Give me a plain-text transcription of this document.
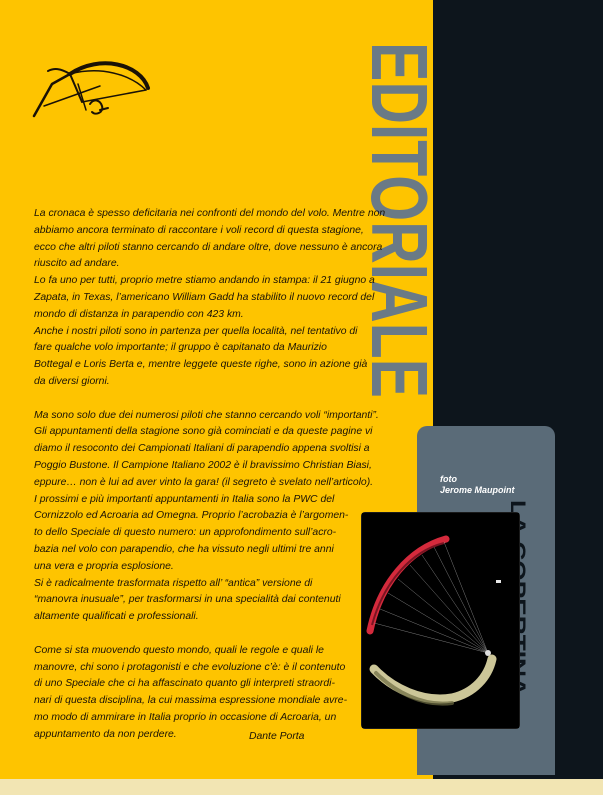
EDITORIALE
foto
Jerome Maupoint

La cronaca è spesso deficitaria nei confronti del mondo del volo. Mentre non
abbiamo ancora terminato di raccontare i voli record di questa stagione,
ecco che altri piloti stanno cercando di andare oltre, dove nessuno è ancora
riuscito ad andare.
Lo fa uno per tutti, proprio metre stiamo andando in stampa: il 21 giugno a
Zapata, in Texas, l’americano William Gadd ha stabilito il nuovo record del
mondo di distanza in parapendio con 423 km.
Anche i nostri piloti sono in partenza per quella località, nel tentativo di
fare qualche volo importante; il gruppo è capitanato da Maurizio
Bottegal e Loris Berta e, mentre leggete queste righe, sono in azione già
da diversi giorni.

Ma sono solo due dei numerosi piloti che stanno cercando voli “importanti”.
Gli appuntamenti della stagione sono già cominciati e da queste pagine vi
diamo il resoconto dei Campionati Italiani di parapendio appena svoltisi a
Poggio Bustone. Il Campione Italiano 2002 è il bravissimo Christian Biasi,
eppure… non è lui ad aver vinto la gara! (il segreto è svelato nell’articolo).
I prossimi e più importanti appuntamenti in Italia sono la PWC del
Cornizzolo ed Acroaria ad Omegna. Proprio l’acrobazia è l’argomen-
to dello Speciale di questo numero: un approfondimento sull’acro-
bazia nel volo con parapendio, che ha vissuto negli ultimi tre anni
una vera e propria esplosione.
Si è radicalmente trasformata rispetto all’ “antica” versione di
“manovra inusuale”, per trasformarsi in una specialità dai contenuti
altamente qualificati e professionali.

Come si sta muovendo questo mondo, quali le regole e quali le
manovre, chi sono i protagonisti e che evoluzione c’è: è il contenuto
di uno Speciale che ci ha affascinato quanto gli interpreti straordi-
nari di questa disciplina, la cui massima espressione mondiale avre-
mo modo di ammirare in Italia proprio in occasione di Acroaria, un
appuntamento da non perdere.	Dante Porta
